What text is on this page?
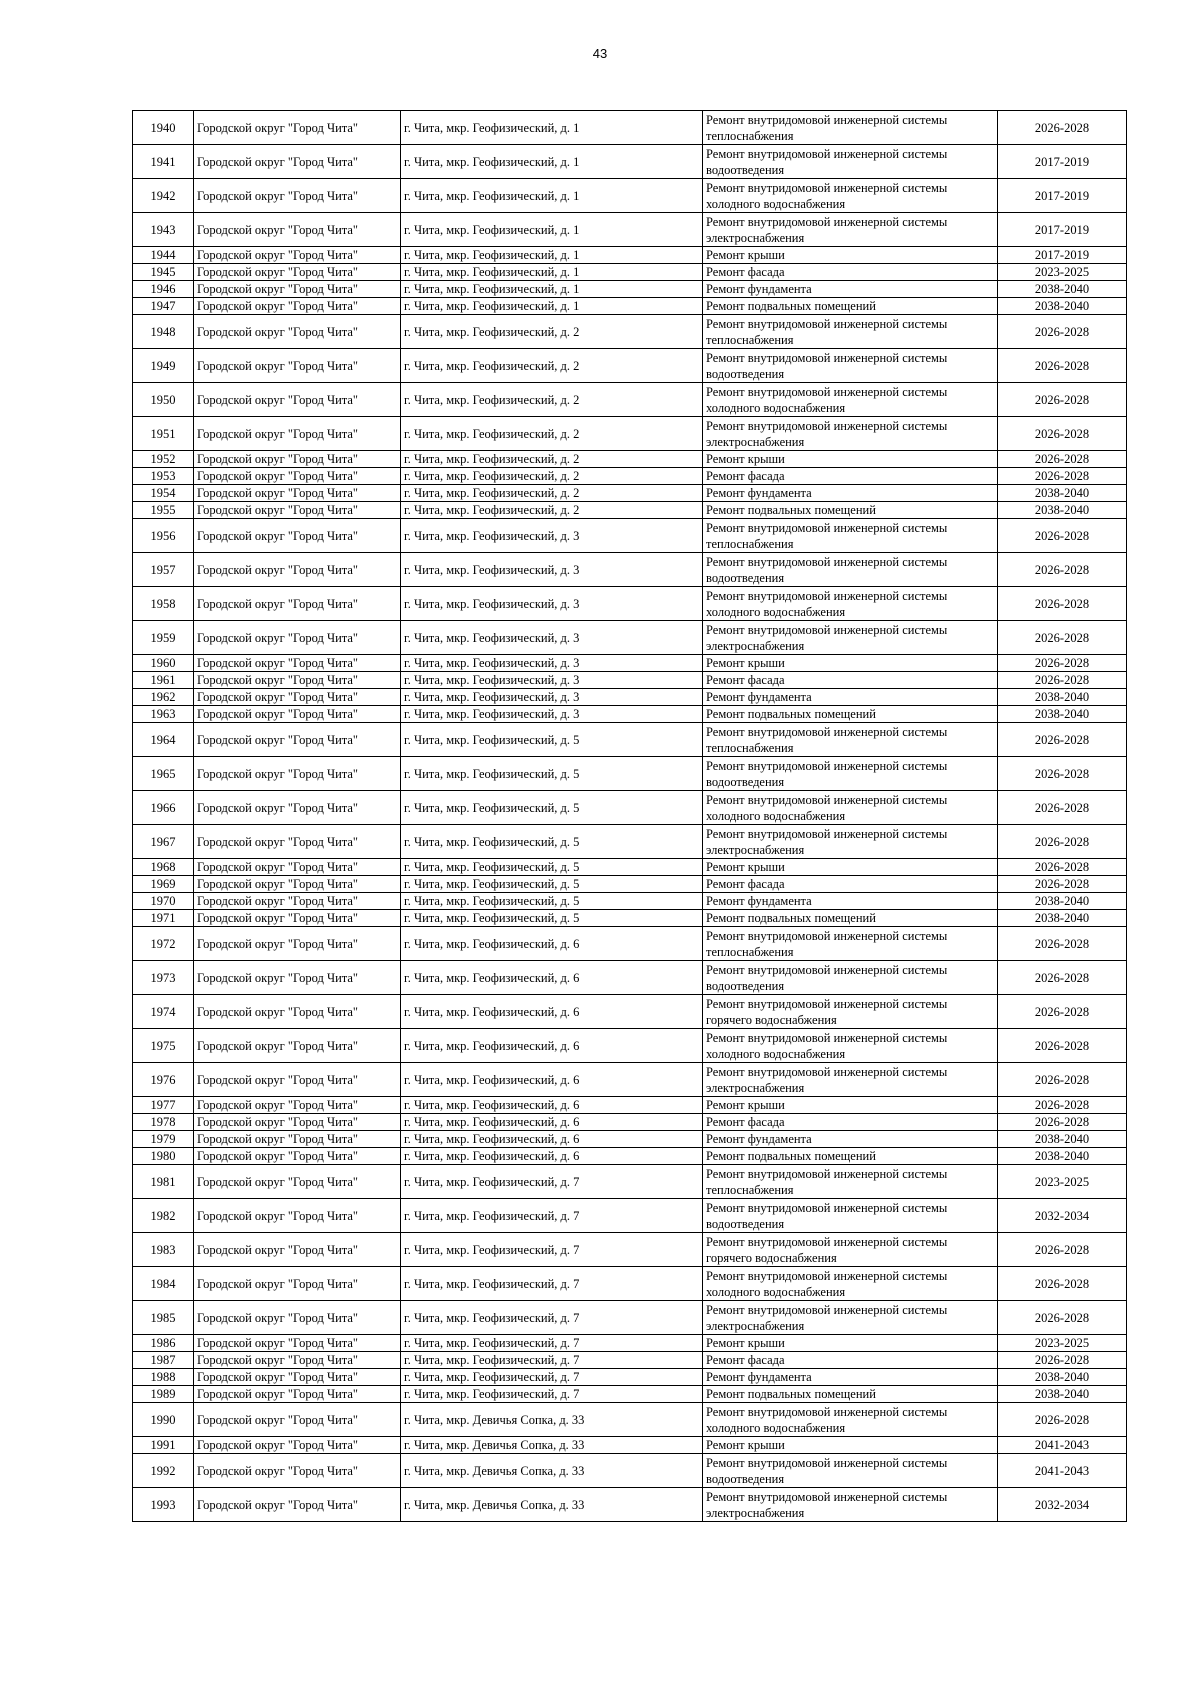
43
1940	Городской округ "Город Чита"	г. Чита, мкр. Геофизический, д. 1	Ремонт внутридомовой инженерной системы теплоснабжения	2026-2028
1941	Городской округ "Город Чита"	г. Чита, мкр. Геофизический, д. 1	Ремонт внутридомовой инженерной системы водоотведения	2017-2019
1942	Городской округ "Город Чита"	г. Чита, мкр. Геофизический, д. 1	Ремонт внутридомовой инженерной системы холодного водоснабжения	2017-2019
1943	Городской округ "Город Чита"	г. Чита, мкр. Геофизический, д. 1	Ремонт внутридомовой инженерной системы электроснабжения	2017-2019
1944	Городской округ "Город Чита"	г. Чита, мкр. Геофизический, д. 1	Ремонт крыши	2017-2019
1945	Городской округ "Город Чита"	г. Чита, мкр. Геофизический, д. 1	Ремонт фасада	2023-2025
1946	Городской округ "Город Чита"	г. Чита, мкр. Геофизический, д. 1	Ремонт фундамента	2038-2040
1947	Городской округ "Город Чита"	г. Чита, мкр. Геофизический, д. 1	Ремонт подвальных помещений	2038-2040
1948	Городской округ "Город Чита"	г. Чита, мкр. Геофизический, д. 2	Ремонт внутридомовой инженерной системы теплоснабжения	2026-2028
1949	Городской округ "Город Чита"	г. Чита, мкр. Геофизический, д. 2	Ремонт внутридомовой инженерной системы водоотведения	2026-2028
1950	Городской округ "Город Чита"	г. Чита, мкр. Геофизический, д. 2	Ремонт внутридомовой инженерной системы холодного водоснабжения	2026-2028
1951	Городской округ "Город Чита"	г. Чита, мкр. Геофизический, д. 2	Ремонт внутридомовой инженерной системы электроснабжения	2026-2028
1952	Городской округ "Город Чита"	г. Чита, мкр. Геофизический, д. 2	Ремонт крыши	2026-2028
1953	Городской округ "Город Чита"	г. Чита, мкр. Геофизический, д. 2	Ремонт фасада	2026-2028
1954	Городской округ "Город Чита"	г. Чита, мкр. Геофизический, д. 2	Ремонт фундамента	2038-2040
1955	Городской округ "Город Чита"	г. Чита, мкр. Геофизический, д. 2	Ремонт подвальных помещений	2038-2040
1956	Городской округ "Город Чита"	г. Чита, мкр. Геофизический, д. 3	Ремонт внутридомовой инженерной системы теплоснабжения	2026-2028
1957	Городской округ "Город Чита"	г. Чита, мкр. Геофизический, д. 3	Ремонт внутридомовой инженерной системы водоотведения	2026-2028
1958	Городской округ "Город Чита"	г. Чита, мкр. Геофизический, д. 3	Ремонт внутридомовой инженерной системы холодного водоснабжения	2026-2028
1959	Городской округ "Город Чита"	г. Чита, мкр. Геофизический, д. 3	Ремонт внутридомовой инженерной системы электроснабжения	2026-2028
1960	Городской округ "Город Чита"	г. Чита, мкр. Геофизический, д. 3	Ремонт крыши	2026-2028
1961	Городской округ "Город Чита"	г. Чита, мкр. Геофизический, д. 3	Ремонт фасада	2026-2028
1962	Городской округ "Город Чита"	г. Чита, мкр. Геофизический, д. 3	Ремонт фундамента	2038-2040
1963	Городской округ "Город Чита"	г. Чита, мкр. Геофизический, д. 3	Ремонт подвальных помещений	2038-2040
1964	Городской округ "Город Чита"	г. Чита, мкр. Геофизический, д. 5	Ремонт внутридомовой инженерной системы теплоснабжения	2026-2028
1965	Городской округ "Город Чита"	г. Чита, мкр. Геофизический, д. 5	Ремонт внутридомовой инженерной системы водоотведения	2026-2028
1966	Городской округ "Город Чита"	г. Чита, мкр. Геофизический, д. 5	Ремонт внутридомовой инженерной системы холодного водоснабжения	2026-2028
1967	Городской округ "Город Чита"	г. Чита, мкр. Геофизический, д. 5	Ремонт внутридомовой инженерной системы электроснабжения	2026-2028
1968	Городской округ "Город Чита"	г. Чита, мкр. Геофизический, д. 5	Ремонт крыши	2026-2028
1969	Городской округ "Город Чита"	г. Чита, мкр. Геофизический, д. 5	Ремонт фасада	2026-2028
1970	Городской округ "Город Чита"	г. Чита, мкр. Геофизический, д. 5	Ремонт фундамента	2038-2040
1971	Городской округ "Город Чита"	г. Чита, мкр. Геофизический, д. 5	Ремонт подвальных помещений	2038-2040
1972	Городской округ "Город Чита"	г. Чита, мкр. Геофизический, д. 6	Ремонт внутридомовой инженерной системы теплоснабжения	2026-2028
1973	Городской округ "Город Чита"	г. Чита, мкр. Геофизический, д. 6	Ремонт внутридомовой инженерной системы водоотведения	2026-2028
1974	Городской округ "Город Чита"	г. Чита, мкр. Геофизический, д. 6	Ремонт внутридомовой инженерной системы горячего водоснабжения	2026-2028
1975	Городской округ "Город Чита"	г. Чита, мкр. Геофизический, д. 6	Ремонт внутридомовой инженерной системы холодного водоснабжения	2026-2028
1976	Городской округ "Город Чита"	г. Чита, мкр. Геофизический, д. 6	Ремонт внутридомовой инженерной системы электроснабжения	2026-2028
1977	Городской округ "Город Чита"	г. Чита, мкр. Геофизический, д. 6	Ремонт крыши	2026-2028
1978	Городской округ "Город Чита"	г. Чита, мкр. Геофизический, д. 6	Ремонт фасада	2026-2028
1979	Городской округ "Город Чита"	г. Чита, мкр. Геофизический, д. 6	Ремонт фундамента	2038-2040
1980	Городской округ "Город Чита"	г. Чита, мкр. Геофизический, д. 6	Ремонт подвальных помещений	2038-2040
1981	Городской округ "Город Чита"	г. Чита, мкр. Геофизический, д. 7	Ремонт внутридомовой инженерной системы теплоснабжения	2023-2025
1982	Городской округ "Город Чита"	г. Чита, мкр. Геофизический, д. 7	Ремонт внутридомовой инженерной системы водоотведения	2032-2034
1983	Городской округ "Город Чита"	г. Чита, мкр. Геофизический, д. 7	Ремонт внутридомовой инженерной системы горячего водоснабжения	2026-2028
1984	Городской округ "Город Чита"	г. Чита, мкр. Геофизический, д. 7	Ремонт внутридомовой инженерной системы холодного водоснабжения	2026-2028
1985	Городской округ "Город Чита"	г. Чита, мкр. Геофизический, д. 7	Ремонт внутридомовой инженерной системы электроснабжения	2026-2028
1986	Городской округ "Город Чита"	г. Чита, мкр. Геофизический, д. 7	Ремонт крыши	2023-2025
1987	Городской округ "Город Чита"	г. Чита, мкр. Геофизический, д. 7	Ремонт фасада	2026-2028
1988	Городской округ "Город Чита"	г. Чита, мкр. Геофизический, д. 7	Ремонт фундамента	2038-2040
1989	Городской округ "Город Чита"	г. Чита, мкр. Геофизический, д. 7	Ремонт подвальных помещений	2038-2040
1990	Городской округ "Город Чита"	г. Чита, мкр. Девичья Сопка, д. 33	Ремонт внутридомовой инженерной системы холодного водоснабжения	2026-2028
1991	Городской округ "Город Чита"	г. Чита, мкр. Девичья Сопка, д. 33	Ремонт крыши	2041-2043
1992	Городской округ "Город Чита"	г. Чита, мкр. Девичья Сопка, д. 33	Ремонт внутридомовой инженерной системы водоотведения	2041-2043
1993	Городской округ "Город Чита"	г. Чита, мкр. Девичья Сопка, д. 33	Ремонт внутридомовой инженерной системы электроснабжения	2032-2034
